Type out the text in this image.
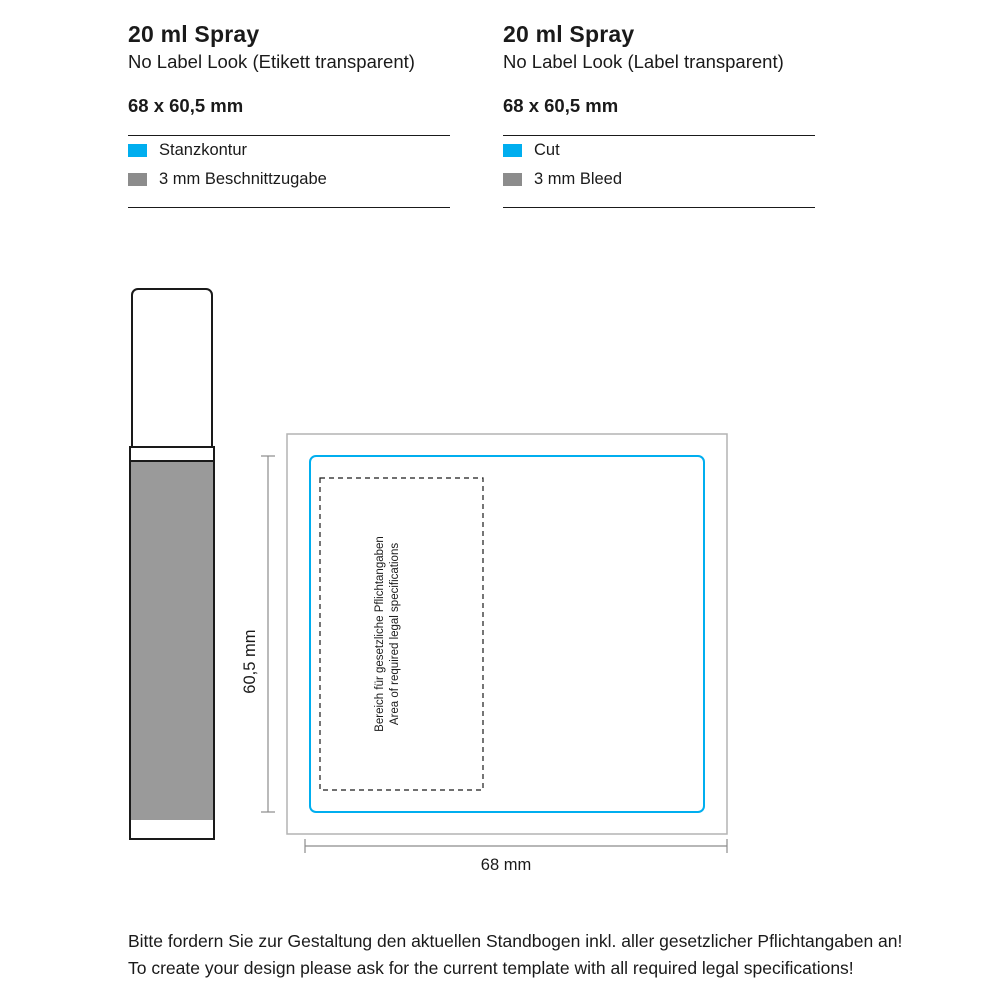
20 ml Spray

No Label Look (Etikett transparent)

68 x 60,5 mm

Stanzkontur
3 mm Beschnittzugabe
20 ml Spray

No Label Look (Label transparent)

68 x 60,5 mm

Cut
3 mm Bleed
Bereich für gesetzliche Pflichtangaben Area of required legal specifications
60,5 mm
68 mm

Bitte fordern Sie zur Gestaltung den aktuellen Standbogen inkl. aller gesetzlicher Pflichtangaben an!

To create your design please ask for the current template with all required legal specifications!
